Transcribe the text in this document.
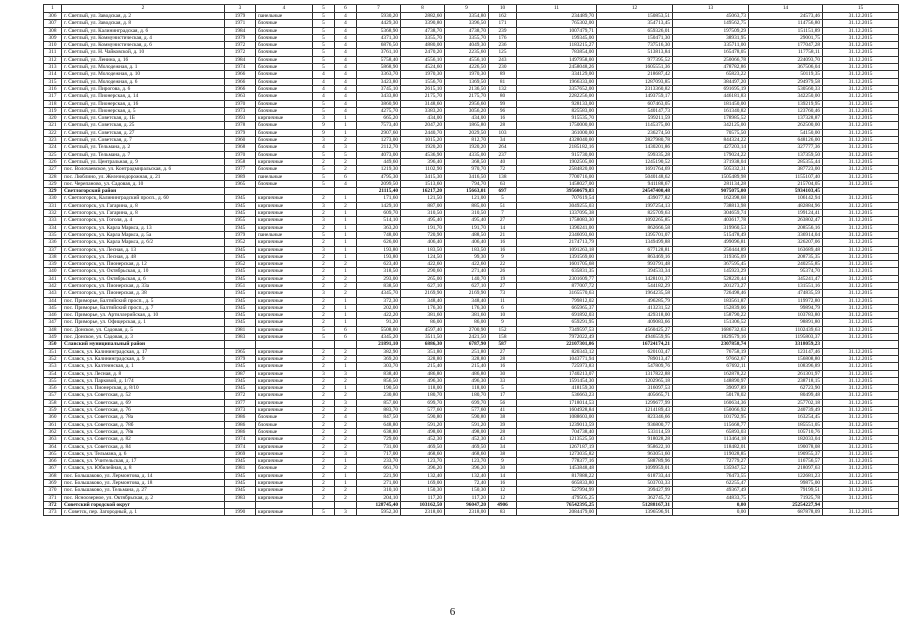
1	2	3	4	5	6	7	8	9	10	11	12	13	14	15
306	г. Светлый, ул. Заводская, д. 2	1979	панельные	5	4	5930,20	2882,60	3354,80	162	234489,70	150853,51	45063,73	24573,46	31.12.2015
307	г. Светлый, ул. Заводская, д. 8	1971	блочные	5	4	4429,30	3390,80	3396,50	171	765302,00	354713,45	149562,75	114756,80	31.12.2015
308	г. Светлый, ул. Калининградская, д. 6	1984	блочные	5	4	5368,90	4738,70	4738,70	239	1007479,71	659326,01	197509,29	151151,89	31.12.2015
309	г. Светлый, ул. Коммунистическая, д. 4	1979	блочные	5	4	4371,30	3355,70	3355,70	176	199345,00	150471,30	38931,95	29001,75	31.12.2015
310	г. Светлый, ул. Коммунистическая, д. 6	1972	блочные	5	4	6876,50	4880,00	4049,30	236	1183215,27	737516,30	335711,00	177047,28	31.12.2015
311	г. Светлый, ул. Н. Чайковской, д. 10	1972	блочные	5	4	3761,10	2470,20	2235,60	125	783854,00	513813,84	165478,05	117758,11	31.12.2015
312	г. Светлый, ул. Ленина, д. 16	1984	блочные	5	4	5758,40	4556,10	4556,10	243	1497958,00	977395,52	250066,78	224093,70	31.12.2015
313	г. Светлый, ул. Молодежная, д. 1	1974	блочные	5	4	5868,90	4524,60	4226,50	230	2458048,26	1605551,36	478782,86	367506,04	31.12.2015
314	г. Светлый, ул. Молодежная, д. 10	1966	блочные	4	4	3363,70	1970,30	1970,30	89	334129,00	218687,42	65823,22	50119,35	31.12.2015
315	г. Светлый, ул. Молодежная, д. 6	1966	блочные	4	4	3423,80	1556,70	1369,50	81	1966333,00	1287093,85	384497,20	294979,58	31.12.2015
316	г. Светлый, ул. Пирогова, д. 6	1966	блочные	4	4	3745,10	2615,10	2136,50	132	3357652,00	2313360,82	691695,19	530560,33	31.12.2015
317	г. Светлый, ул. Пионерская, д. 14	1963	блочные	4	4	3433,80	2175,70	2175,70	80	2282256,00	1493759,17	446181,83	342250,00	31.12.2015
318	г. Светлый, ул. Пионерская, д. 16	1970	блочные	5	4	3860,90	3148,60	2956,60	99	928133,00	607463,05	181450,00	139219,95	31.12.2015
319	г. Светлый, ул. Пионерская, д. 5	1973	блочные	5	4	4275,70	3383,20	3056,20	96	825583,00	540147,73	161340,82	123760,46	31.12.2015
320	г. Светлый, ул. Советская, д. 1Б	1993	кирпичные	3	1	665,20	434,00	434,00	16	915535,70	599211,59	178985,52	137328,87	31.12.2015
321	г. Светлый, ул. Советская, д. 25	1978	блочные	9	1	7573,40	2047,20	1865,80	28	1750000,00	1145375,00	342125,00	262500,00	31.12.2015
322	г. Светлый, ул. Советская, д. 27	1979	блочные	9	1	2907,60	2440,70	2029,50	103	361000,00	236274,50	70575,50	54150,00	31.12.2015
323	г. Светлый, ул. Советская, д. 7	1960	блочные	3	2	1273,00	1015,20	812,70	34	4328040,00	2827980,78	844324,22	648126,00	31.12.2015
324	г. Светлый, ул. Тельмана, д. 2	1968	блочные	4	3	2112,70	1920,20	1920,20	264	2185182,16	1430201,86	427203,14	327777,36	31.12.2015
325	г. Светлый, ул. Тельмана, д. 7	1970	блочные	5	5	4073,00	4536,90	4335,00	237	915730,00	599335,28	179024,22	137359,50	31.12.2015
326	г. Светлый, ул. Центральная, д. 9	1958	кирпичные	2	2	449,60	396,40	368,50	40	1902505,00	1245190,52	371938,04	285355,44	31.12.2015
327	пос. Волочаевское, ул. Контрадмиральская, д. 6	1977	блочные	5	2	1219,30	1102,90	970,70	72	2584820,00	1691764,69	505332,31	387723,00	31.12.2015
328	пос. Люблино, ул. Железнодорожная, д. 21	1989	панельные	5	6	4795,30	3415,30	3416,50	138	7700716,00	5040148,62	1505489,98	1155107,40	31.12.2015
329	пос. Черепаново, ул. Садовая, д. 10	1965	блочные	5	4	2099,50	1513,60	794,70	63	1458027,00	941188,67	281134,28	215704,05	31.12.2015
329	Светлогорский район					21115,40	16217,20	15663,01	697	39560679,83	24547400,48	9075075,00	5934103,45	
330	г. Светлогорск, Калининградский просп., д. 60	1945	кирпичные	2	1	171,60	121,50	121,00	5	707619,54	439077,82	162398,68	106142,94	31.12.2015
331	г. Светлогорск, ул. Гагарина, д. 8	1945	кирпичные	3	2	1429,10	887,00	885,00	51	3049255,03	1997254,13	738813,98	482884,96	31.12.2015
332	г. Светлогорск, ул. Гагарина, д. 8	1945	кирпичные	2	1	609,70	310,50	310,50	7	1337095,38	825709,63	304659,74	199124,41	31.12.2015
333	г. Светлогорск, ул. Гоголя, д. 4	1955	кирпичные	3	1	514,10	495,40	495,40	27	1758083,30	1092265,85	403617,78	263802,47	31.12.2015
334	г. Светлогорск, ул. Карла Маркса, д. 13	1945	кирпичные	2	1	363,20	191,70	191,70	14	1390241,00	862666,58	319960,53	208556,16	31.12.2015
335	г. Светлогорск, ул. Карла Маркса, д. 5а	1979	панельные	5	1	748,00	720,90	488,50	21	2346093,60	1395701,07	515478,49	336914,04	31.12.2015
336	г. Светлогорск, ул. Карла Маркса, д. 6/2	1952	кирпичные	2	1	626,00	406,40	406,40	16	2174713,79	1349499,88	499096,81	326207,06	31.12.2015
337	г. Светлогорск, ул. Лесная, д. 13	1945	кирпичные	3	1	193,80	183,50	183,50	16	1091263,18	677128,81	250444,89	163689,48	31.12.2015
338	г. Светлогорск, ул. Лесная, д. 48	1945	кирпичные	2	1	193,80	124,50	99,30	9	1391569,00	863469,16	319365,09	208735,35	31.12.2015
339	г. Светлогорск, ул. Пионерская, д. 12	1952	кирпичные	2	2	623,40	422,60	422,60	22	1601705,68	993791,48	367595,45	240255,85	31.12.2015
340	г. Светлогорск, ул. Октябрьская, д. 10	1945	кирпичные	2	1	318,50	290,60	271,40	26	635831,35	394533,34	145923,29	95374,70	31.12.2015
341	г. Светлогорск, ул. Октябрьская, д. 6	1945	кирпичные	2	2	293,00	265,00	140,70	19	2301609,77	1428101,37	528220,44	345241,47	31.12.2015
342	г. Светлогорск, ул. Пионерская, д. 33а	1951	кирпичные	2	2	838,50	627,10	627,10	27	877007,72	544182,29	201273,27	131551,16	31.12.2015
343	г. Светлогорск, ул. Пионерская, д. 38	1945	кирпичные	3	2	4345,70	2169,90	2169,90	73	3165570,63	1964235,58	726498,46	474835,59	31.12.2015
344	пос. Приморье, Балтийский просп., д. 5	1945	кирпичные	2	1	372,30	348,40	348,40	11	799812,02	496285,79	183561,87	119972,80	31.12.2015
345	пос. Приморье, Балтийский просп., д. 7	1945	кирпичные	2	1	202,00	176,30	176,30	6	665965,37	413231,52	152839,06	99894,79	31.12.2015
346	пос. Приморье, ул. Артиллерийская, д. 10	1945	кирпичные	2	1	422,20	381,60	381,60	10	691892,03	429318,00	158790,22	103783,80	31.12.2015
347	пос. Приморье, ул. Офицерская, д. 1	1945	кирпичные	2	1	91,20	86,00	86,00	9	659291,95	409083,66	151306,52	98891,80	31.12.2015
348	пос. Донское, ул. Садовая, д. 5	1981	кирпичные	5	6	5508,00	4597,40	2700,90	152	7349597,53	4560425,27	1686732,63	1102439,63	31.12.2015
349	пос. Донское, ул. Садовая, д. 3	1983	кирпичные	5	6	4345,20	3511,50	2421,50	158	7972022,49	4946559,95	1829579,16	1195803,37	31.12.2015
350	Славский муниципальный район					21891,10	6886,30	6787,90	587	22107301,06	16724174,21	2307858,74	3318059,23	
351	г. Славск, ул. Калининградская, д. 17	1965	кирпичные	2	2	382,90	351,80	251,80	27	820343,12	620103,47	76758,19	123147,46	31.12.2015
352	г. Славск, ул. Калининградская, д. 9	1979	кирпичные	2	2	369,20	328,80	328,80	28	1043771,94	789013,47	97662,67	156808,80	31.12.2015
353	г. Славск, ул. Калтеинская, д. 1	1945	кирпичные	2	1	303,70	215,40	215,40	16	725973,83	547809,76	67692,11	108396,89	31.12.2015
354	г. Славск, ул. Лесная, д. 8	1987	кирпичные	3	3	838,40	486,80	486,80	30	1740213,07	1317822,88	162878,22	261301,97	31.12.2015
355	г. Славск, ул. Парковой, д. 1/74	1945	кирпичные	2	2	856,50	496,30	496,30	33	1591454,30	1202965,18	148890,97	238718,15	31.12.2015
356	г. Славск, ул. Пионерская, д. 8/10	1945	кирпичные	2	1	190,50	118,00	118,00	5	418159,30	316097,53	39097,89	62723,90	31.12.2015
357	г. Славск, ул. Советская, д. 52	1972	кирпичные	2	2	230,80	180,70	180,70	17	536663,23	405665,71	50178,02	80499,48	31.12.2015
358	г. Славск, ул. Советская, д. 69	1977	кирпичные	2	3	857,00	699,70	699,70	56	1718014,53	1299677,99	160634,36	257702,18	31.12.2015
359	г. Славск, ул. Советская, д. 76	1973	кирпичные	2	2	883,70	577,60	577,60	41	1604928,84	1214189,43	150066,92	240739,49	31.12.2015
360	г. Славск, ул. Советская, д. 78а	1986	блочные	2	4	847,50	590,80	590,80	38	1088603,00	823346,66	101792,95	163254,45	31.12.2015
361	г. Славск, ул. Советская, д. 78б	1986	блочные	2	2	648,80	591,20	591,20	39	1239013,59	936800,77	115668,77	185551,05	31.12.2015
362	г. Славск, ул. Советская, д. 78в	1986	блочные	2	2	638,80	498,00	498,00	28	704738,40	533114,59	65893,03	105710,76	31.12.2015
363	г. Славск, ул. Советская, д. 82	1974	кирпичные	2	2	729,00	452,30	452,30	43	1213525,50	918028,28	113464,18	182033,04	31.12.2015
364	г. Славск, ул. Советская, д. 84	1974	кирпичные	2	2	731,00	469,50	469,50	34	1267187,19	958622,10	118482,01	190078,08	31.12.2015
365	г. Славск, ул. Тельмана, д. 6	1969	кирпичные	2	3	717,00	468,60	468,60	38	1273035,82	963051,60	119028,85	190955,37	31.12.2015
366	г. Славск, ул. Учительская, д. 17	1945	кирпичные	2	1	233,70	123,70	123,70	9	778377,16	588789,96	72779,27	116756,57	31.12.2015
367	г. Славск, ул. Юбилейная, д. 8	1981	блочные	2	2	661,70	396,20	396,20	30	1453848,48	1099959,01	135947,52	218097,63	31.12.2015
368	пос. Большаково, ул. Лермонтова, д. 14	1945	кирпичные	2	1	221,90	132,40	132,40	14	817888,22	618733,44	76473,55	122681,23	31.12.2015
369	пос. Большаково, ул. Лермонтова, д. 18	1945	кирпичные	2	1	271,00	169,00	72,40	16	665833,80	503703,33	62255,47	99875,00	31.12.2015
370	пос. Большаково, ул. Тельмана, д. 27	1945	кирпичные	2	2	310,10	150,30	150,30	12	527994,99	399427,99	49367,49	79199,51	31.12.2015
371	пос. Ясноозерное, ул. Октябрьская, д. 2	1983	кирпичные	2	2	204,10	117,20	117,20	12	479505,25	362745,72	44833,75	71925,78	31.12.2015
372	Советский городской округ					128745,40	103162,50	96047,20	4906	76542395,25	51288167,31	0,00	25254227,94	
373	г. Советск, пер. Загородный, д. 1	1990	кирпичные	5	3	5952,30	2318,00	2318,00	83	2084479,00	1396596,91	0,00	687878,09	31.12.2015
6
